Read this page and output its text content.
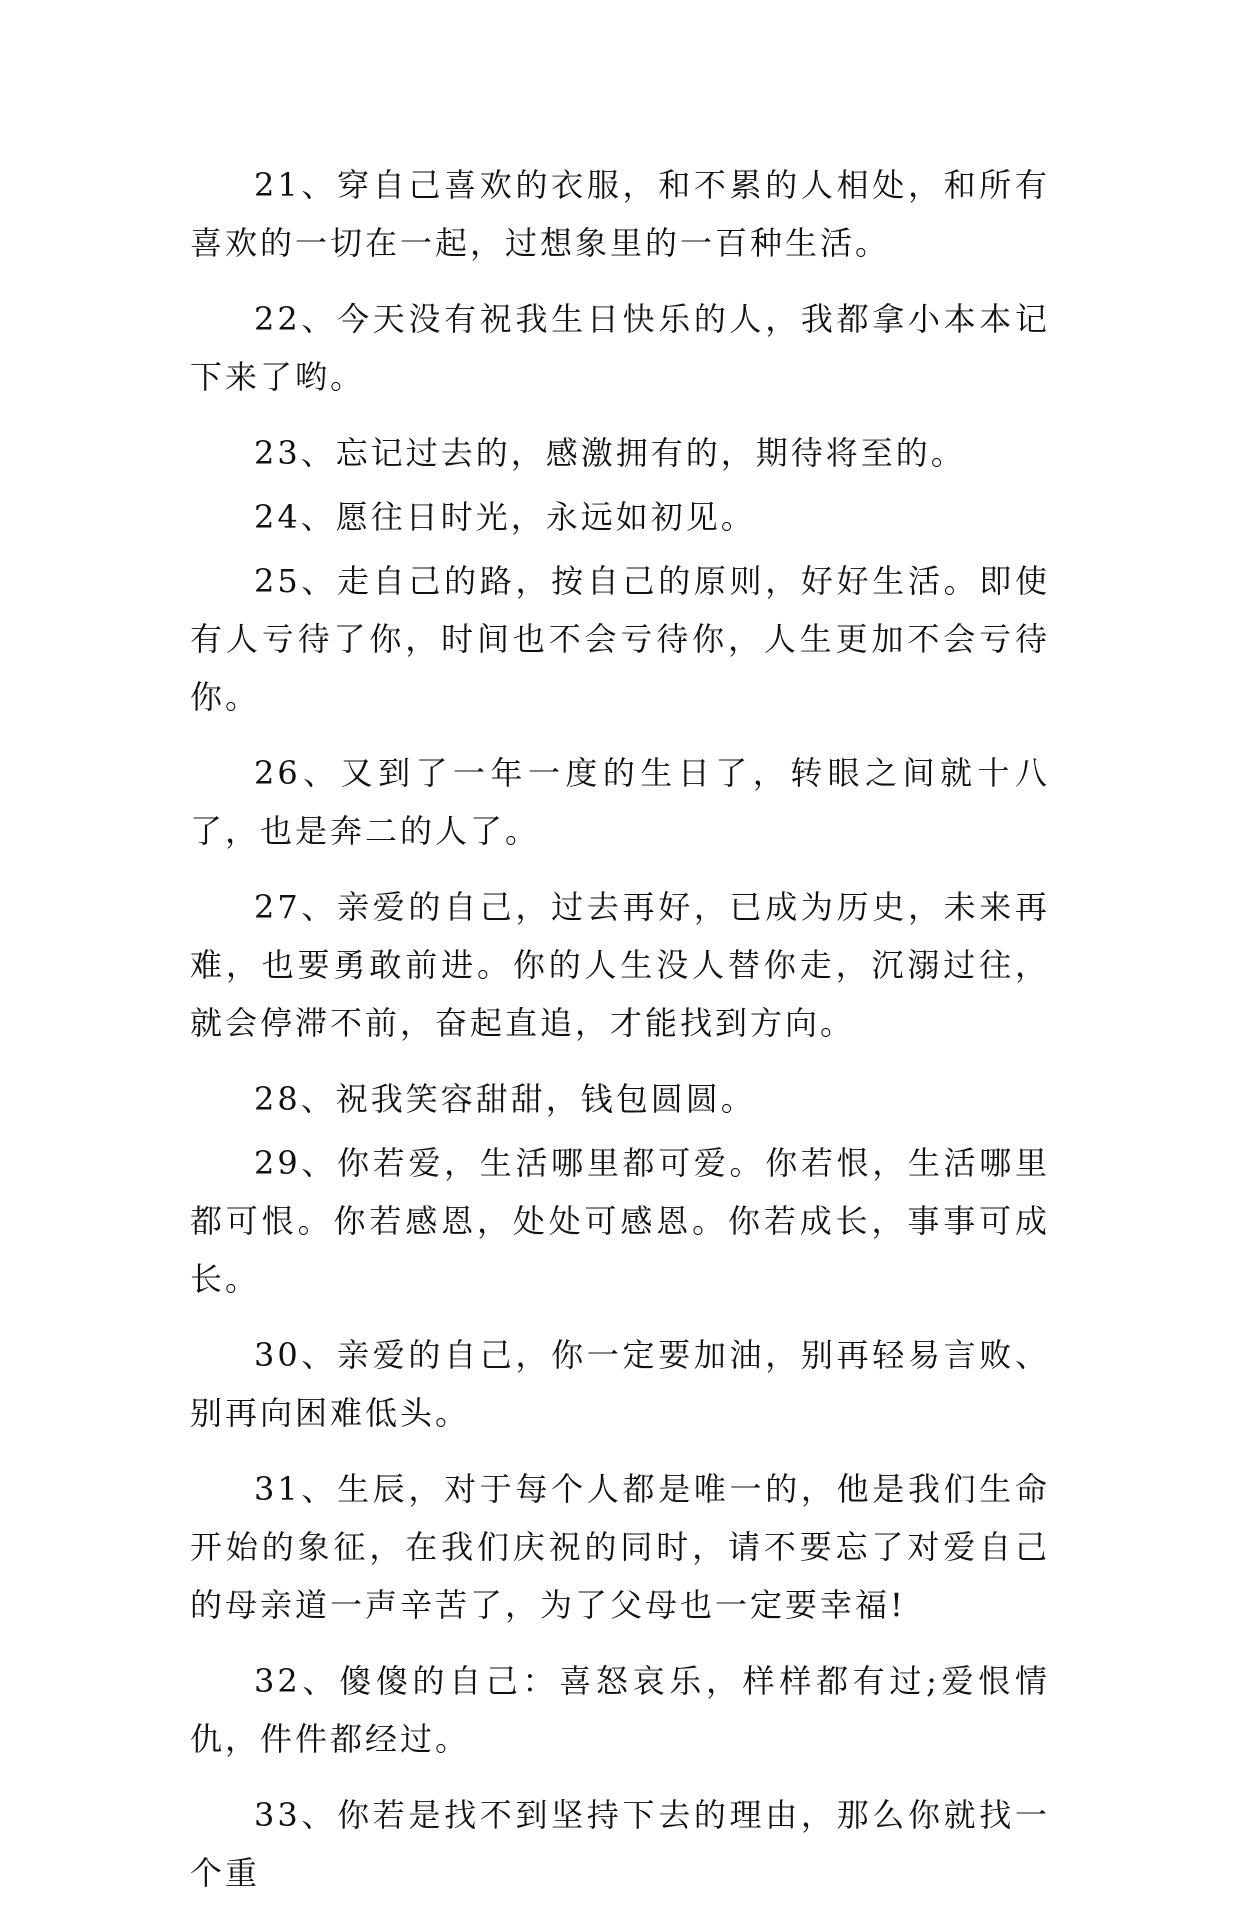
21、穿自己喜欢的衣服，和不累的人相处，和所有喜欢的一切在一起，过想象里的一百种生活。

22、今天没有祝我生日快乐的人，我都拿小本本记下来了哟。

23、忘记过去的，感激拥有的，期待将至的。

24、愿往日时光，永远如初见。

25、走自己的路，按自己的原则，好好生活。即使有人亏待了你，时间也不会亏待你，人生更加不会亏待你。

26、又到了一年一度的生日了，转眼之间就十八了，也是奔二的人了。

27、亲爱的自己，过去再好，已成为历史，未来再难，也要勇敢前进。你的人生没人替你走，沉溺过往，就会停滞不前，奋起直追，才能找到方向。

28、祝我笑容甜甜，钱包圆圆。

29、你若爱，生活哪里都可爱。你若恨，生活哪里都可恨。你若感恩，处处可感恩。你若成长，事事可成长。

30、亲爱的自己，你一定要加油，别再轻易言败、别再向困难低头。

31、生辰，对于每个人都是唯一的，他是我们生命开始的象征，在我们庆祝的同时，请不要忘了对爱自己的母亲道一声辛苦了，为了父母也一定要幸福!

32、傻傻的自己：喜怒哀乐，样样都有过;爱恨情仇，件件都经过。

33、你若是找不到坚持下去的理由，那么你就找一个重
